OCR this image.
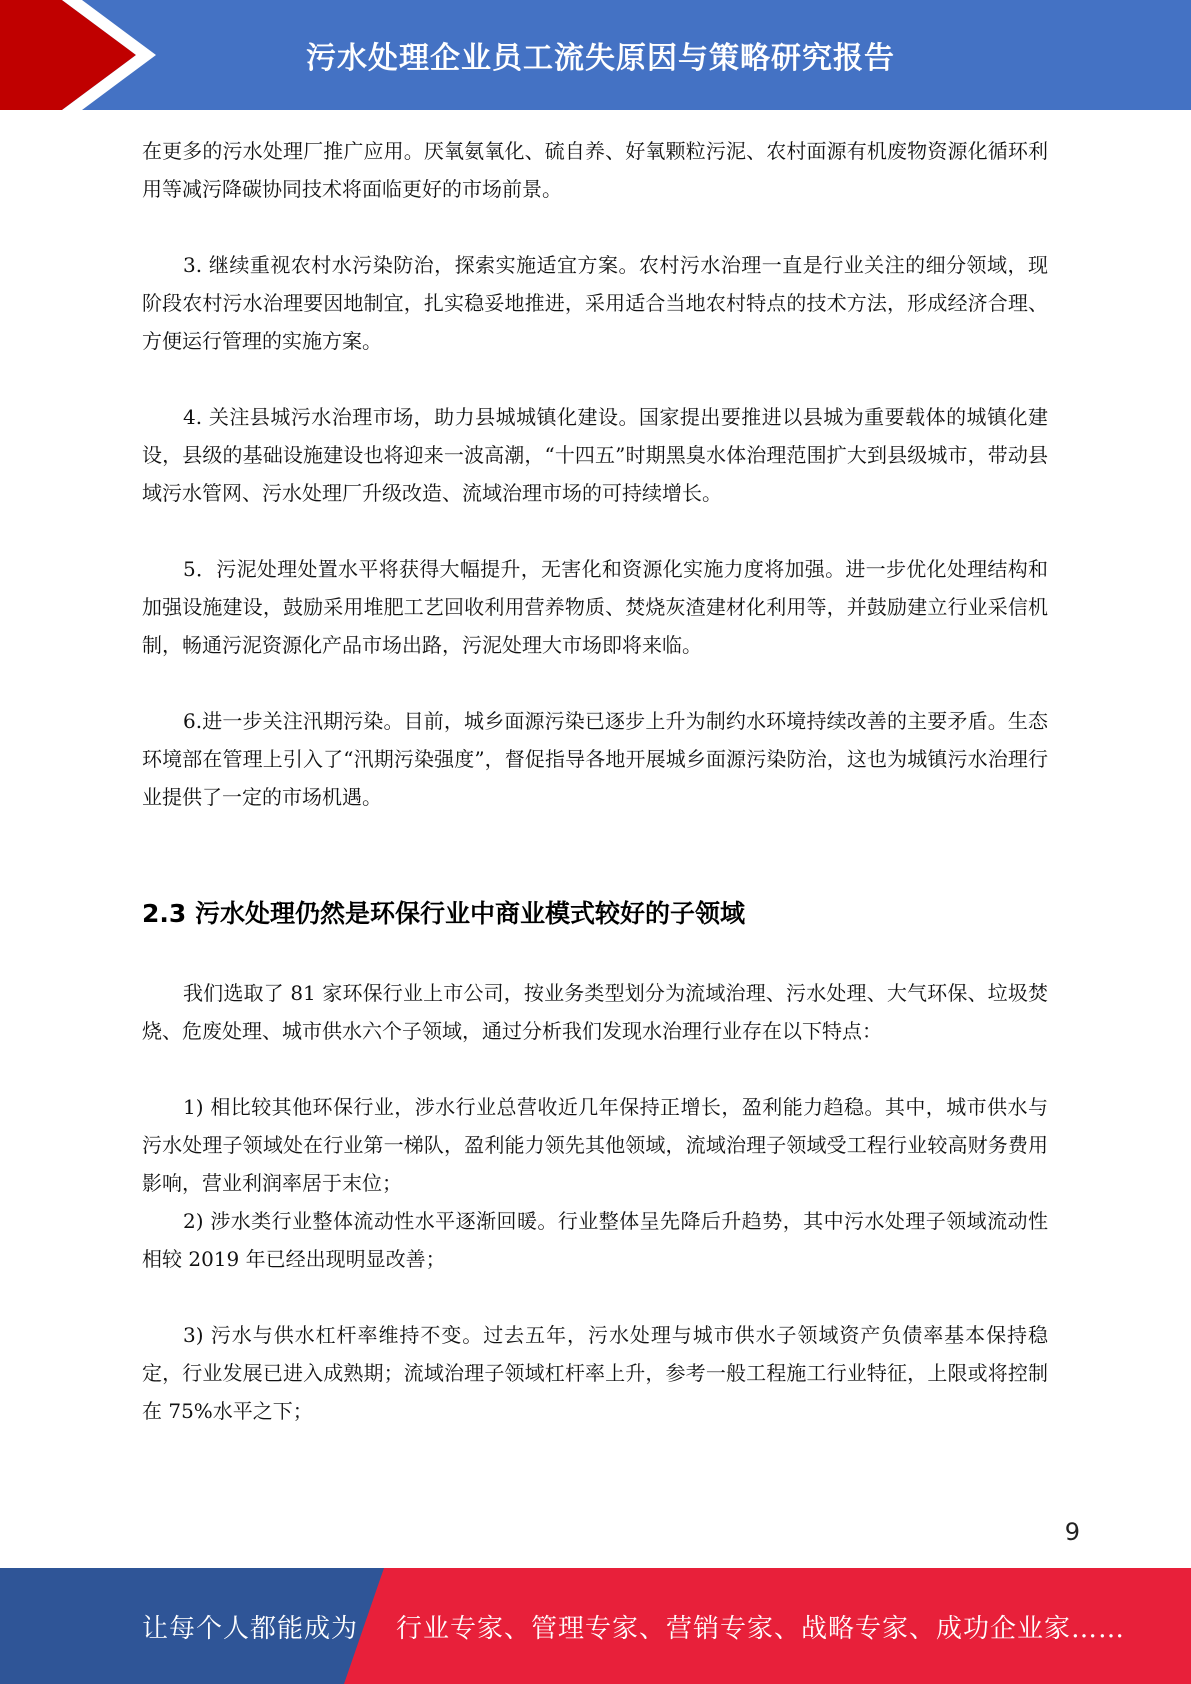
污水处理企业员工流失原因与策略研究报告

在更多的污水处理厂推广应用。厌氧氨氧化、硫自养、好氧颗粒污泥、农村面源有机废物资源化循环利用等减污降碳协同技术将面临更好的市场前景。

3. 继续重视农村水污染防治，探索实施适宜方案。农村污水治理一直是行业关注的细分领域，现阶段农村污水治理要因地制宜，扎实稳妥地推进，采用适合当地农村特点的技术方法，形成经济合理、方便运行管理的实施方案。

4. 关注县城污水治理市场，助力县城城镇化建设。国家提出要推进以县城为重要载体的城镇化建设，县级的基础设施建设也将迎来一波高潮，“十四五”时期黑臭水体治理范围扩大到县级城市，带动县域污水管网、污水处理厂升级改造、流域治理市场的可持续增长。

5．污泥处理处置水平将获得大幅提升，无害化和资源化实施力度将加强。进一步优化处理结构和加强设施建设，鼓励采用堆肥工艺回收利用营养物质、焚烧灰渣建材化利用等，并鼓励建立行业采信机制，畅通污泥资源化产品市场出路，污泥处理大市场即将来临。

6.进一步关注汛期污染。目前，城乡面源污染已逐步上升为制约水环境持续改善的主要矛盾。生态环境部在管理上引入了“汛期污染强度”，督促指导各地开展城乡面源污染防治，这也为城镇污水治理行业提供了一定的市场机遇。

2.3 污水处理仍然是环保行业中商业模式较好的子领域

我们选取了 81 家环保行业上市公司，按业务类型划分为流域治理、污水处理、大气环保、垃圾焚烧、危废处理、城市供水六个子领域，通过分析我们发现水治理行业存在以下特点：

1) 相比较其他环保行业，涉水行业总营收近几年保持正增长，盈利能力趋稳。其中，城市供水与污水处理子领域处在行业第一梯队，盈利能力领先其他领域，流域治理子领域受工程行业较高财务费用影响，营业利润率居于末位；

2) 涉水类行业整体流动性水平逐渐回暖。行业整体呈先降后升趋势，其中污水处理子领域流动性相较 2019 年已经出现明显改善；

3) 污水与供水杠杆率维持不变。过去五年，污水处理与城市供水子领域资产负债率基本保持稳定，行业发展已进入成熟期；流域治理子领域杠杆率上升，参考一般工程施工行业特征，上限或将控制在 75%水平之下；

9
让每个人都能成为 行业专家、管理专家、营销专家、战略专家、成功企业家……
